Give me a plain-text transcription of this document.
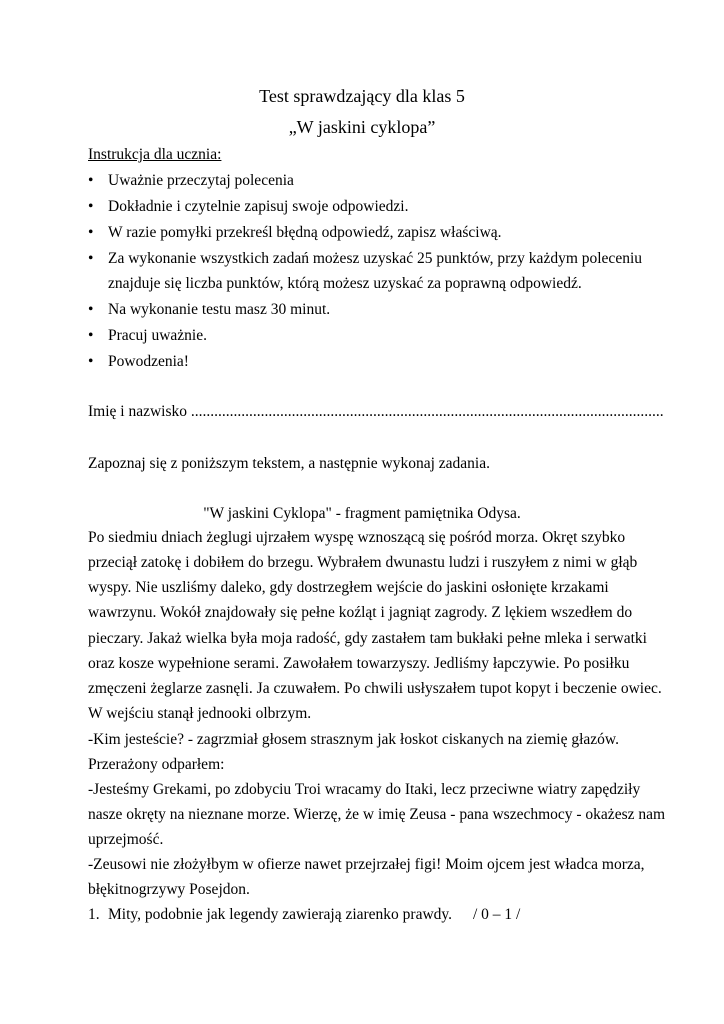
Test sprawdzający dla klas 5
„W jaskini cyklopa”
Instrukcja dla ucznia:
• Uważnie przeczytaj polecenia
• Dokładnie i czytelnie zapisuj swoje odpowiedzi.
• W razie pomyłki przekreśl błędną odpowiedź, zapisz właściwą.
• Za wykonanie wszystkich zadań możesz uzyskać 25 punktów, przy każdym poleceniu
znajduje się liczba punktów, którą możesz uzyskać za poprawną odpowiedź.
• Na wykonanie testu masz 30 minut.
• Pracuj uważnie.
• Powodzenia!
Imię i nazwisko ..........................................................................................................................
Zapoznaj się z poniższym tekstem, a następnie wykonaj zadania.
"W jaskini Cyklopa" - fragment pamiętnika Odysa.
Po siedmiu dniach żeglugi ujrzałem wyspę wznoszącą się pośród morza. Okręt szybko
przeciął zatokę i dobiłem do brzegu. Wybrałem dwunastu ludzi i ruszyłem z nimi w głąb
wyspy. Nie uszliśmy daleko, gdy dostrzegłem wejście do jaskini osłonięte krzakami
wawrzynu. Wokół znajdowały się pełne koźląt i jagniąt zagrody. Z lękiem wszedłem do
pieczary. Jakaż wielka była moja radość, gdy zastałem tam bukłaki pełne mleka i serwatki
oraz kosze wypełnione serami. Zawołałem towarzyszy. Jedliśmy łapczywie. Po posiłku
zmęczeni żeglarze zasnęli. Ja czuwałem. Po chwili usłyszałem tupot kopyt i beczenie owiec.
W wejściu stanął jednooki olbrzym.
-Kim jesteście? - zagrzmiał głosem strasznym jak łoskot ciskanych na ziemię głazów.
Przerażony odparłem:
-Jesteśmy Grekami, po zdobyciu Troi wracamy do Itaki, lecz przeciwne wiatry zapędziły
nasze okręty na nieznane morze. Wierzę, że w imię Zeusa - pana wszechmocy - okażesz nam
uprzejmość.
-Zeusowi nie złożyłbym w ofierze nawet przejrzałej figi! Moim ojcem jest władca morza,
błękitnogrzywy Posejdon.
1. Mity, podobnie jak legendy zawierają ziarenko prawdy. / 0 – 1 /
